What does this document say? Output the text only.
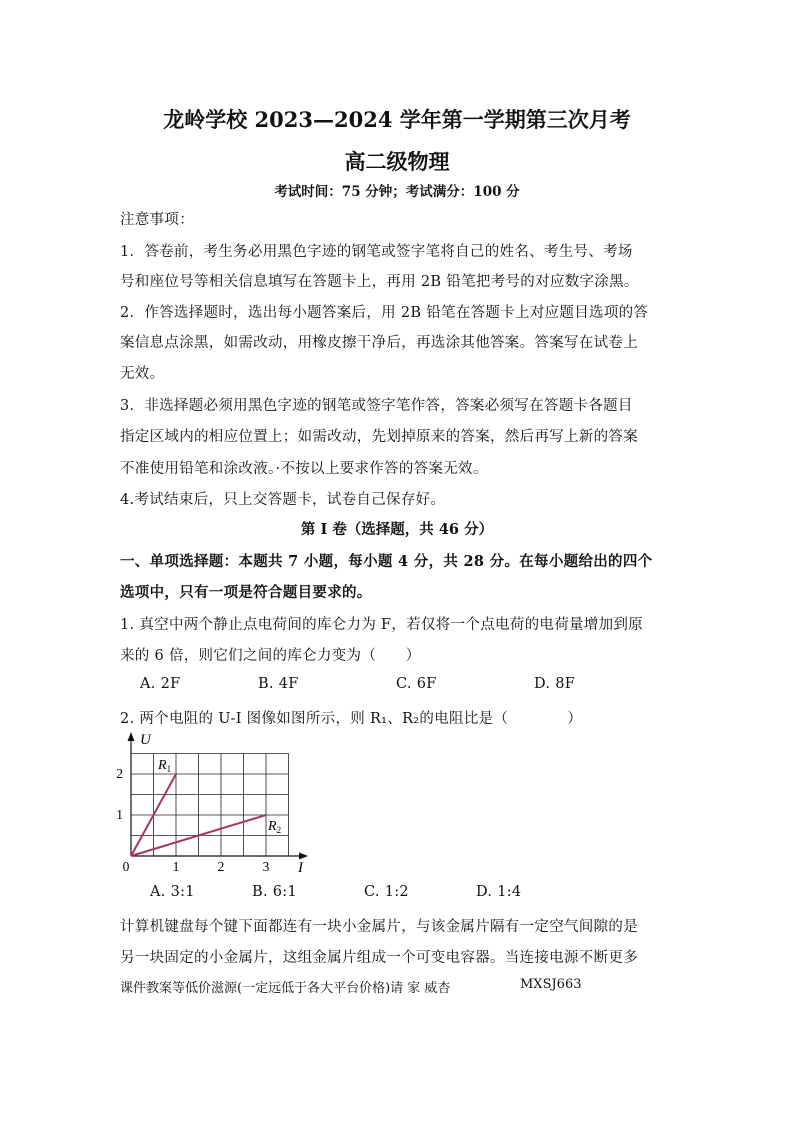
龙岭学校 2023—2024 学年第一学期第三次月考
高二级物理
考试时间：75 分钟；考试满分：100 分
注意事项：
1．答卷前，考生务必用黑色字迹的钢笔或签字笔将自己的姓名、考生号、考场
号和座位号等相关信息填写在答题卡上，再用 2B 铅笔把考号的对应数字涂黑。
2．作答选择题时，选出每小题答案后，用 2B 铅笔在答题卡上对应题目选项的答
案信息点涂黑，如需改动，用橡皮擦干净后，再选涂其他答案。答案写在试卷上
无效。
3．非选择题必须用黑色字迹的钢笔或签字笔作答，答案必须写在答题卡各题目
指定区域内的相应位置上；如需改动，先划掉原来的答案，然后再写上新的答案
不准使用铅笔和涂改液。·不按以上要求作答的答案无效。
4.考试结束后，只上交答题卡，试卷自己保存好。
第 I 卷（选择题，共 46 分）
一、单项选择题：本题共 7 小题，每小题 4 分，共 28 分。在每小题给出的四个
选项中，只有一项是符合题目要求的。
1. 真空中两个静止点电荷间的库仑力为 F，若仅将一个点电荷的电荷量增加到原
来的 6 倍，则它们之间的库仑力变为（　　）
A. 2F	B. 4F	C. 6F	D. 8F
2. 两个电阻的 U-I 图像如图所示，则 R₁、R₂的电阻比是（　　　　）
U
I
0	1	2	3
1
2
$R_1$
$R_2$
A. 3:1	B. 6:1	C. 1:2	D. 1:4
计算机键盘每个键下面都连有一块小金属片，与该金属片隔有一定空气间隙的是
另一块固定的小金属片，这组金属片组成一个可变电容器。当连接电源不断更多
课件教案等低价滋源(一定远低于各大平台价格)请 家 威杏	MXSJ663
